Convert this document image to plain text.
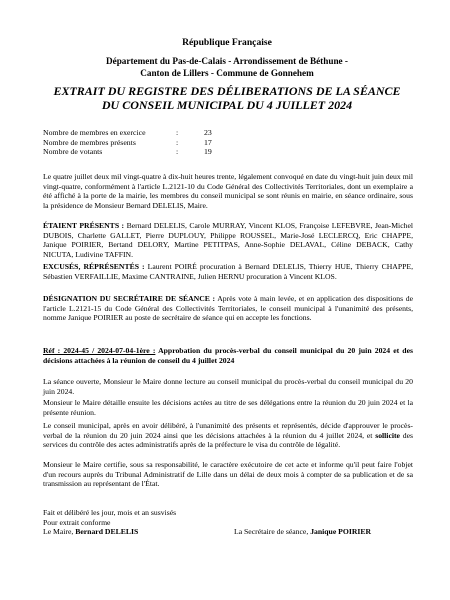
République Française
Département du Pas-de-Calais - Arrondissement de Béthune -
Canton de Lillers - Commune de Gonnehem
EXTRAIT DU REGISTRE DES DÉLIBERATIONS DE LA SÉANCE
DU CONSEIL MUNICIPAL DU 4 JUILLET 2024
Nombre de membres en exercice	:	23
Nombre de membres présents	:	17
Nombre de votants	:	19
Le quatre juillet deux mil vingt-quatre à dix-huit heures trente, légalement convoqué en date du vingt-huit juin deux mil vingt-quatre, conformément à l'article L.2121-10 du Code Général des Collectivités Territoriales, dont un exemplaire a été affiché à la porte de la mairie, les membres du conseil municipal se sont réunis en mairie, en séance ordinaire, sous la présidence de Monsieur Bernard DELELIS, Maire.
ÉTAIENT PRÉSENTS : Bernard DELELIS, Carole MURRAY, Vincent KLOS, Françoise LEFEBVRE, Jean-Michel DUBOIS, Charlette GALLET, Pierre DUPLOUY, Philippe ROUSSEL, Marie-José LECLERCQ, Eric CHAPPE, Janique POIRIER, Bertand DELORY, Martine PETITPAS, Anne-Sophie DELAVAL, Céline DEBACK, Cathy NICUTA, Ludivine TAFFIN.
EXCUSÉS, RÉPRÉSENTÉS : Laurent POIRÉ procuration à Bernard DELELIS, Thierry HUE, Thierry CHAPPE, Sébastien VERFAILLIE, Maxime CANTRAINE, Julien HERNU procuration à Vincent KLOS.
DÉSIGNATION DU SECRÉTAIRE DE SÉANCE : Après vote à main levée, et en application des dispositions de l'article L.2121-15 du Code Général des Collectivités Territoriales, le conseil municipal à l'unanimité des présents, nomme Janique POIRIER au poste de secrétaire de séance qui en accepte les fonctions.
Réf : 2024-45 / 2024-07-04-1ère : Approbation du procès-verbal du conseil municipal du 20 juin 2024 et des décisions attachées à la réunion de conseil du 4 juillet 2024
La séance ouverte, Monsieur le Maire donne lecture au conseil municipal du procès-verbal du conseil municipal du 20 juin 2024.
Monsieur le Maire détaille ensuite les décisions actées au titre de ses délégations entre la réunion du 20 juin 2024 et la présente réunion.
Le conseil municipal, après en avoir délibéré, à l'unanimité des présents et représentés, décide d'approuver le procès-verbal de la réunion du 20 juin 2024 ainsi que les décisions attachées à la réunion du 4 juillet 2024, et sollicite des services du contrôle des actes administratifs après de la préfecture le visa du contrôle de légalité.
Monsieur le Maire certifie, sous sa responsabilité, le caractère exécutoire de cet acte et informe qu'il peut faire l'objet d'un recours auprès du Tribunal Administratif de Lille dans un délai de deux mois à compter de sa publication et de sa transmission au représentant de l'État.
Fait et délibéré les jour, mois et an susvisés
Pour extrait conforme
Le Maire, Bernard DELELIS	La Secrétaire de séance, Janique POIRIER
